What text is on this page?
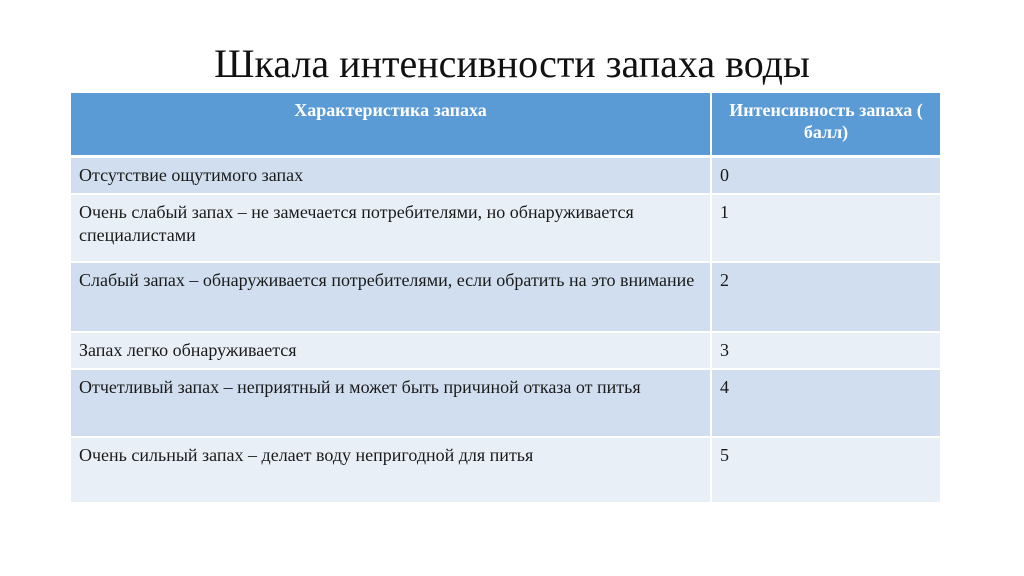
Шкала интенсивности запаха воды
Характеристика запаха	Интенсивность запаха ( балл)
Отсутствие ощутимого запах	0
Очень слабый запах – не замечается потребителями, но обнаруживается специалистами	1
Слабый запах – обнаруживается потребителями, если обратить на это внимание	2
Запах легко обнаруживается	3
Отчетливый запах – неприятный и может быть причиной отказа от питья	4
Очень сильный запах – делает воду непригодной для питья	5
